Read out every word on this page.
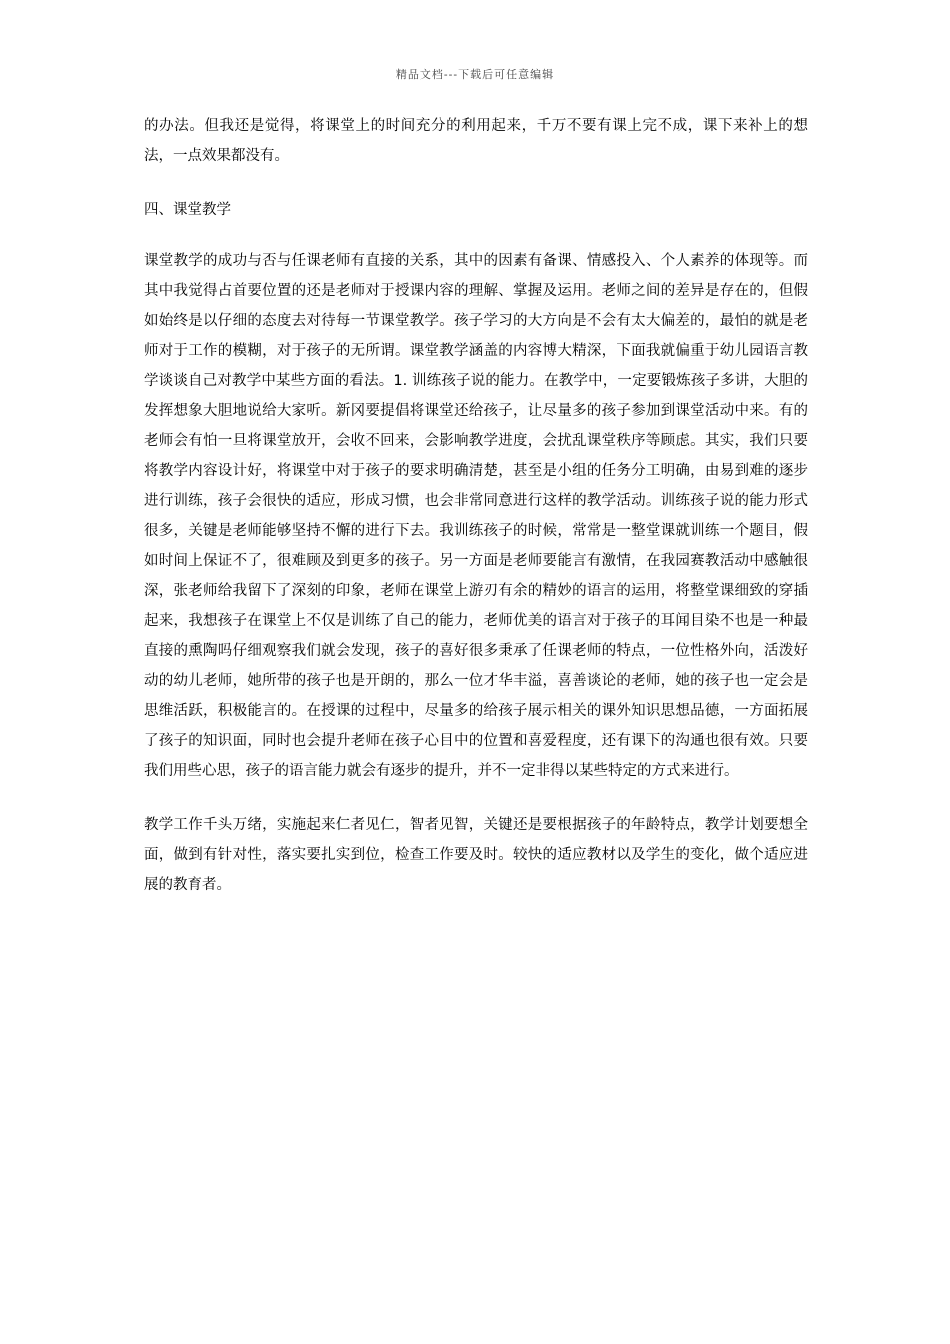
精品文档---下载后可任意编辑

的办法。但我还是觉得，将课堂上的时间充分的利用起来，千万不要有课上完不成，课下来补上的想法，一点效果都没有。

四、课堂教学

课堂教学的成功与否与任课老师有直接的关系，其中的因素有备课、情感投入、个人素养的体现等。而其中我觉得占首要位置的还是老师对于授课内容的理解、掌握及运用。老师之间的差异是存在的，但假如始终是以仔细的态度去对待每一节课堂教学。孩子学习的大方向是不会有太大偏差的，最怕的就是老师对于工作的模糊，对于孩子的无所谓。课堂教学涵盖的内容博大精深，下面我就偏重于幼儿园语言教学谈谈自己对教学中某些方面的看法。1. 训练孩子说的能力。在教学中，一定要锻炼孩子多讲，大胆的发挥想象大胆地说给大家听。新冈要提倡将课堂还给孩子，让尽量多的孩子参加到课堂活动中来。有的老师会有怕一旦将课堂放开，会收不回来，会影响教学进度，会扰乱课堂秩序等顾虑。其实，我们只要将教学内容设计好，将课堂中对于孩子的要求明确清楚，甚至是小组的任务分工明确，由易到难的逐步进行训练，孩子会很快的适应，形成习惯，也会非常同意进行这样的教学活动。训练孩子说的能力形式很多，关键是老师能够坚持不懈的进行下去。我训练孩子的时候，常常是一整堂课就训练一个题目，假如时间上保证不了，很难顾及到更多的孩子。另一方面是老师要能言有激情，在我园赛教活动中感触很深，张老师给我留下了深刻的印象，老师在课堂上游刃有余的精妙的语言的运用，将整堂课细致的穿插起来，我想孩子在课堂上不仅是训练了自己的能力，老师优美的语言对于孩子的耳闻目染不也是一种最直接的熏陶吗仔细观察我们就会发现，孩子的喜好很多秉承了任课老师的特点，一位性格外向，活泼好动的幼儿老师，她所带的孩子也是开朗的，那么一位才华丰溢，喜善谈论的老师，她的孩子也一定会是思维活跃，积极能言的。在授课的过程中，尽量多的给孩子展示相关的课外知识思想品德，一方面拓展了孩子的知识面，同时也会提升老师在孩子心目中的位置和喜爱程度，还有课下的沟通也很有效。只要我们用些心思，孩子的语言能力就会有逐步的提升，并不一定非得以某些特定的方式来进行。

教学工作千头万绪，实施起来仁者见仁，智者见智，关键还是要根据孩子的年龄特点，教学计划要想全面，做到有针对性，落实要扎实到位，检查工作要及时。较快的适应教材以及学生的变化，做个适应进展的教育者。
